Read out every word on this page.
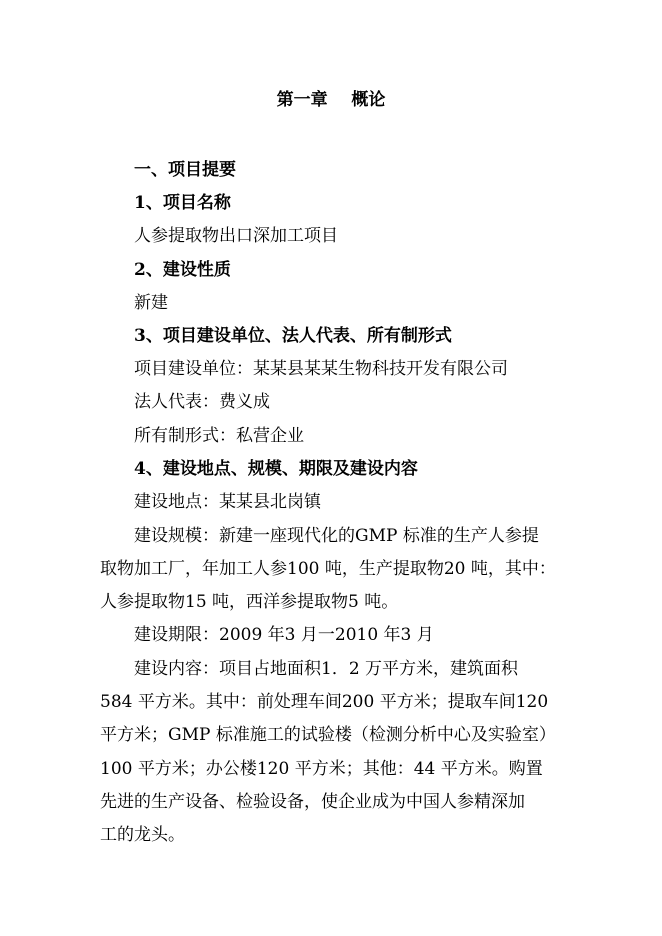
第一章    概论
一、项目提要
1、项目名称
人参提取物出口深加工项目
2、建设性质
新建
3、项目建设单位、法人代表、所有制形式
项目建设单位：某某县某某生物科技开发有限公司
法人代表：费义成
所有制形式：私营企业
4、建设地点、规模、期限及建设内容
建设地点：某某县北岗镇
建设规模：新建一座现代化的GMP 标准的生产人参提
取物加工厂，年加工人参100 吨，生产提取物20 吨，其中：
人参提取物15 吨，西洋参提取物5 吨。
建设期限：2009 年3 月一2010 年3 月
建设内容：项目占地面积1．2 万平方米，建筑面积
584 平方米。其中：前处理车间200 平方米；提取车间120
平方米；GMP 标准施工的试验楼（检测分析中心及实验室）
100 平方米；办公楼120 平方米；其他：44 平方米。购置
先进的生产设备、检验设备，使企业成为中国人参精深加
工的龙头。
